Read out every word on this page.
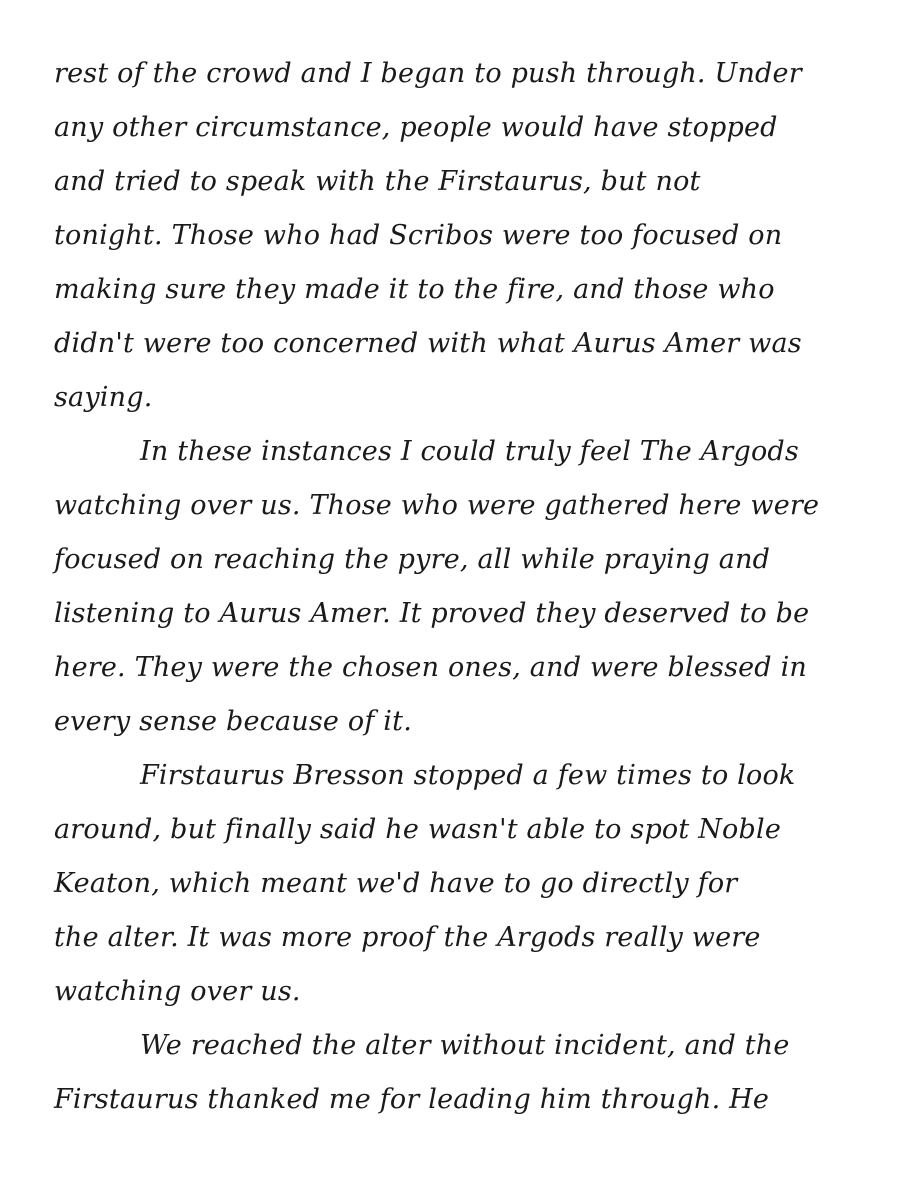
rest of the crowd and I began to push through. Under
any other circumstance, people would have stopped
and tried to speak with the Firstaurus, but not
tonight. Those who had Scribos were too focused on
making sure they made it to the fire, and those who
didn't were too concerned with what Aurus Amer was
saying.
In these instances I could truly feel The Argods
watching over us. Those who were gathered here were
focused on reaching the pyre, all while praying and
listening to Aurus Amer. It proved they deserved to be
here. They were the chosen ones, and were blessed in
every sense because of it.
Firstaurus Bresson stopped a few times to look
around, but finally said he wasn't able to spot Noble
Keaton, which meant we'd have to go directly for
the alter. It was more proof the Argods really were
watching over us.
We reached the alter without incident, and the
Firstaurus thanked me for leading him through. He
